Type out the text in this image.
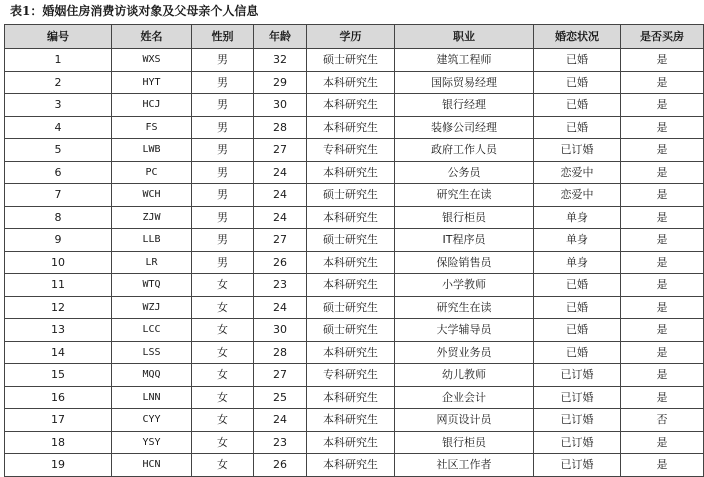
表1：婚姻住房消费访谈对象及父母亲个人信息
编号	姓名	性别	年龄	学历	职业	婚恋状况	是否买房
1	WXS	男	32	硕士研究生	建筑工程师	已婚	是
2	HYT	男	29	本科研究生	国际贸易经理	已婚	是
3	HCJ	男	30	本科研究生	银行经理	已婚	是
4	FS	男	28	本科研究生	装修公司经理	已婚	是
5	LWB	男	27	专科研究生	政府工作人员	已订婚	是
6	PC	男	24	本科研究生	公务员	恋爱中	是
7	WCH	男	24	硕士研究生	研究生在读	恋爱中	是
8	ZJW	男	24	本科研究生	银行柜员	单身	是
9	LLB	男	27	硕士研究生	IT程序员	单身	是
10	LR	男	26	本科研究生	保险销售员	单身	是
11	WTQ	女	23	本科研究生	小学教师	已婚	是
12	WZJ	女	24	硕士研究生	研究生在读	已婚	是
13	LCC	女	30	硕士研究生	大学辅导员	已婚	是
14	LSS	女	28	本科研究生	外贸业务员	已婚	是
15	MQQ	女	27	专科研究生	幼儿教师	已订婚	是
16	LNN	女	25	本科研究生	企业会计	已订婚	是
17	CYY	女	24	本科研究生	网页设计员	已订婚	否
18	YSY	女	23	本科研究生	银行柜员	已订婚	是
19	HCN	女	26	本科研究生	社区工作者	已订婚	是
